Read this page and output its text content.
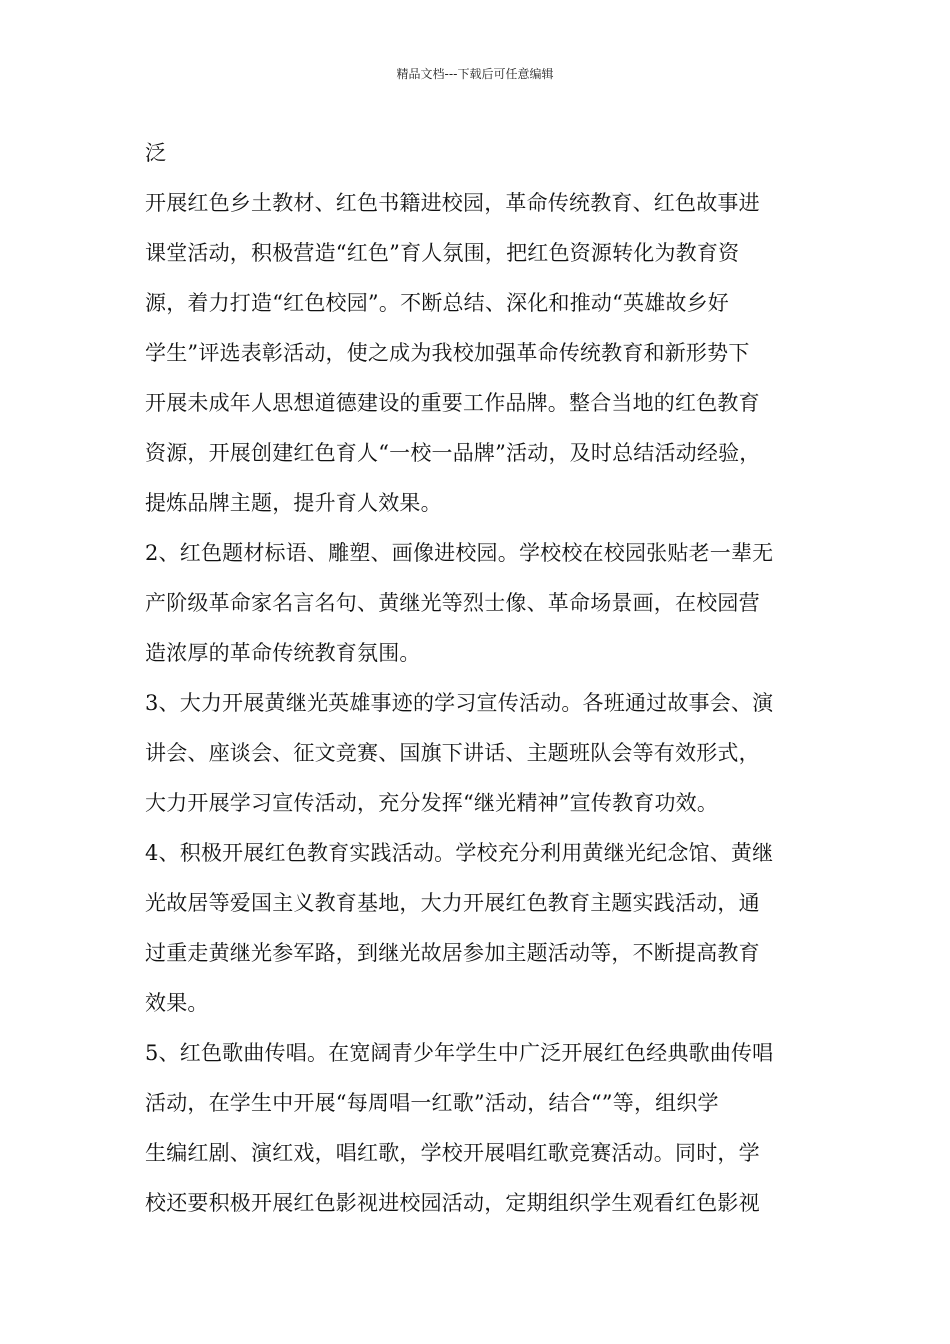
精品文档---下载后可任意编辑
泛
开展红色乡土教材、红色书籍进校园，革命传统教育、红色故事进
课堂活动，积极营造“红色”育人氛围，把红色资源转化为教育资
源，着力打造“红色校园”。不断总结、深化和推动“英雄故乡好
学生”评选表彰活动，使之成为我校加强革命传统教育和新形势下
开展未成年人思想道德建设的重要工作品牌。整合当地的红色教育
资源，开展创建红色育人“一校一品牌”活动，及时总结活动经验，
提炼品牌主题，提升育人效果。
2、红色题材标语、雕塑、画像进校园。学校校在校园张贴老一辈无
产阶级革命家名言名句、黄继光等烈士像、革命场景画，在校园营
造浓厚的革命传统教育氛围。
3、大力开展黄继光英雄事迹的学习宣传活动。各班通过故事会、演
讲会、座谈会、征文竞赛、国旗下讲话、主题班队会等有效形式，
大力开展学习宣传活动，充分发挥“继光精神”宣传教育功效。
4、积极开展红色教育实践活动。学校充分利用黄继光纪念馆、黄继
光故居等爱国主义教育基地，大力开展红色教育主题实践活动，通
过重走黄继光参军路，到继光故居参加主题活动等，不断提高教育
效果。
5、红色歌曲传唱。在宽阔青少年学生中广泛开展红色经典歌曲传唱
活动，在学生中开展“每周唱一红歌”活动，结合“”等，组织学
生编红剧、演红戏，唱红歌，学校开展唱红歌竞赛活动。同时，学
校还要积极开展红色影视进校园活动，定期组织学生观看红色影视
